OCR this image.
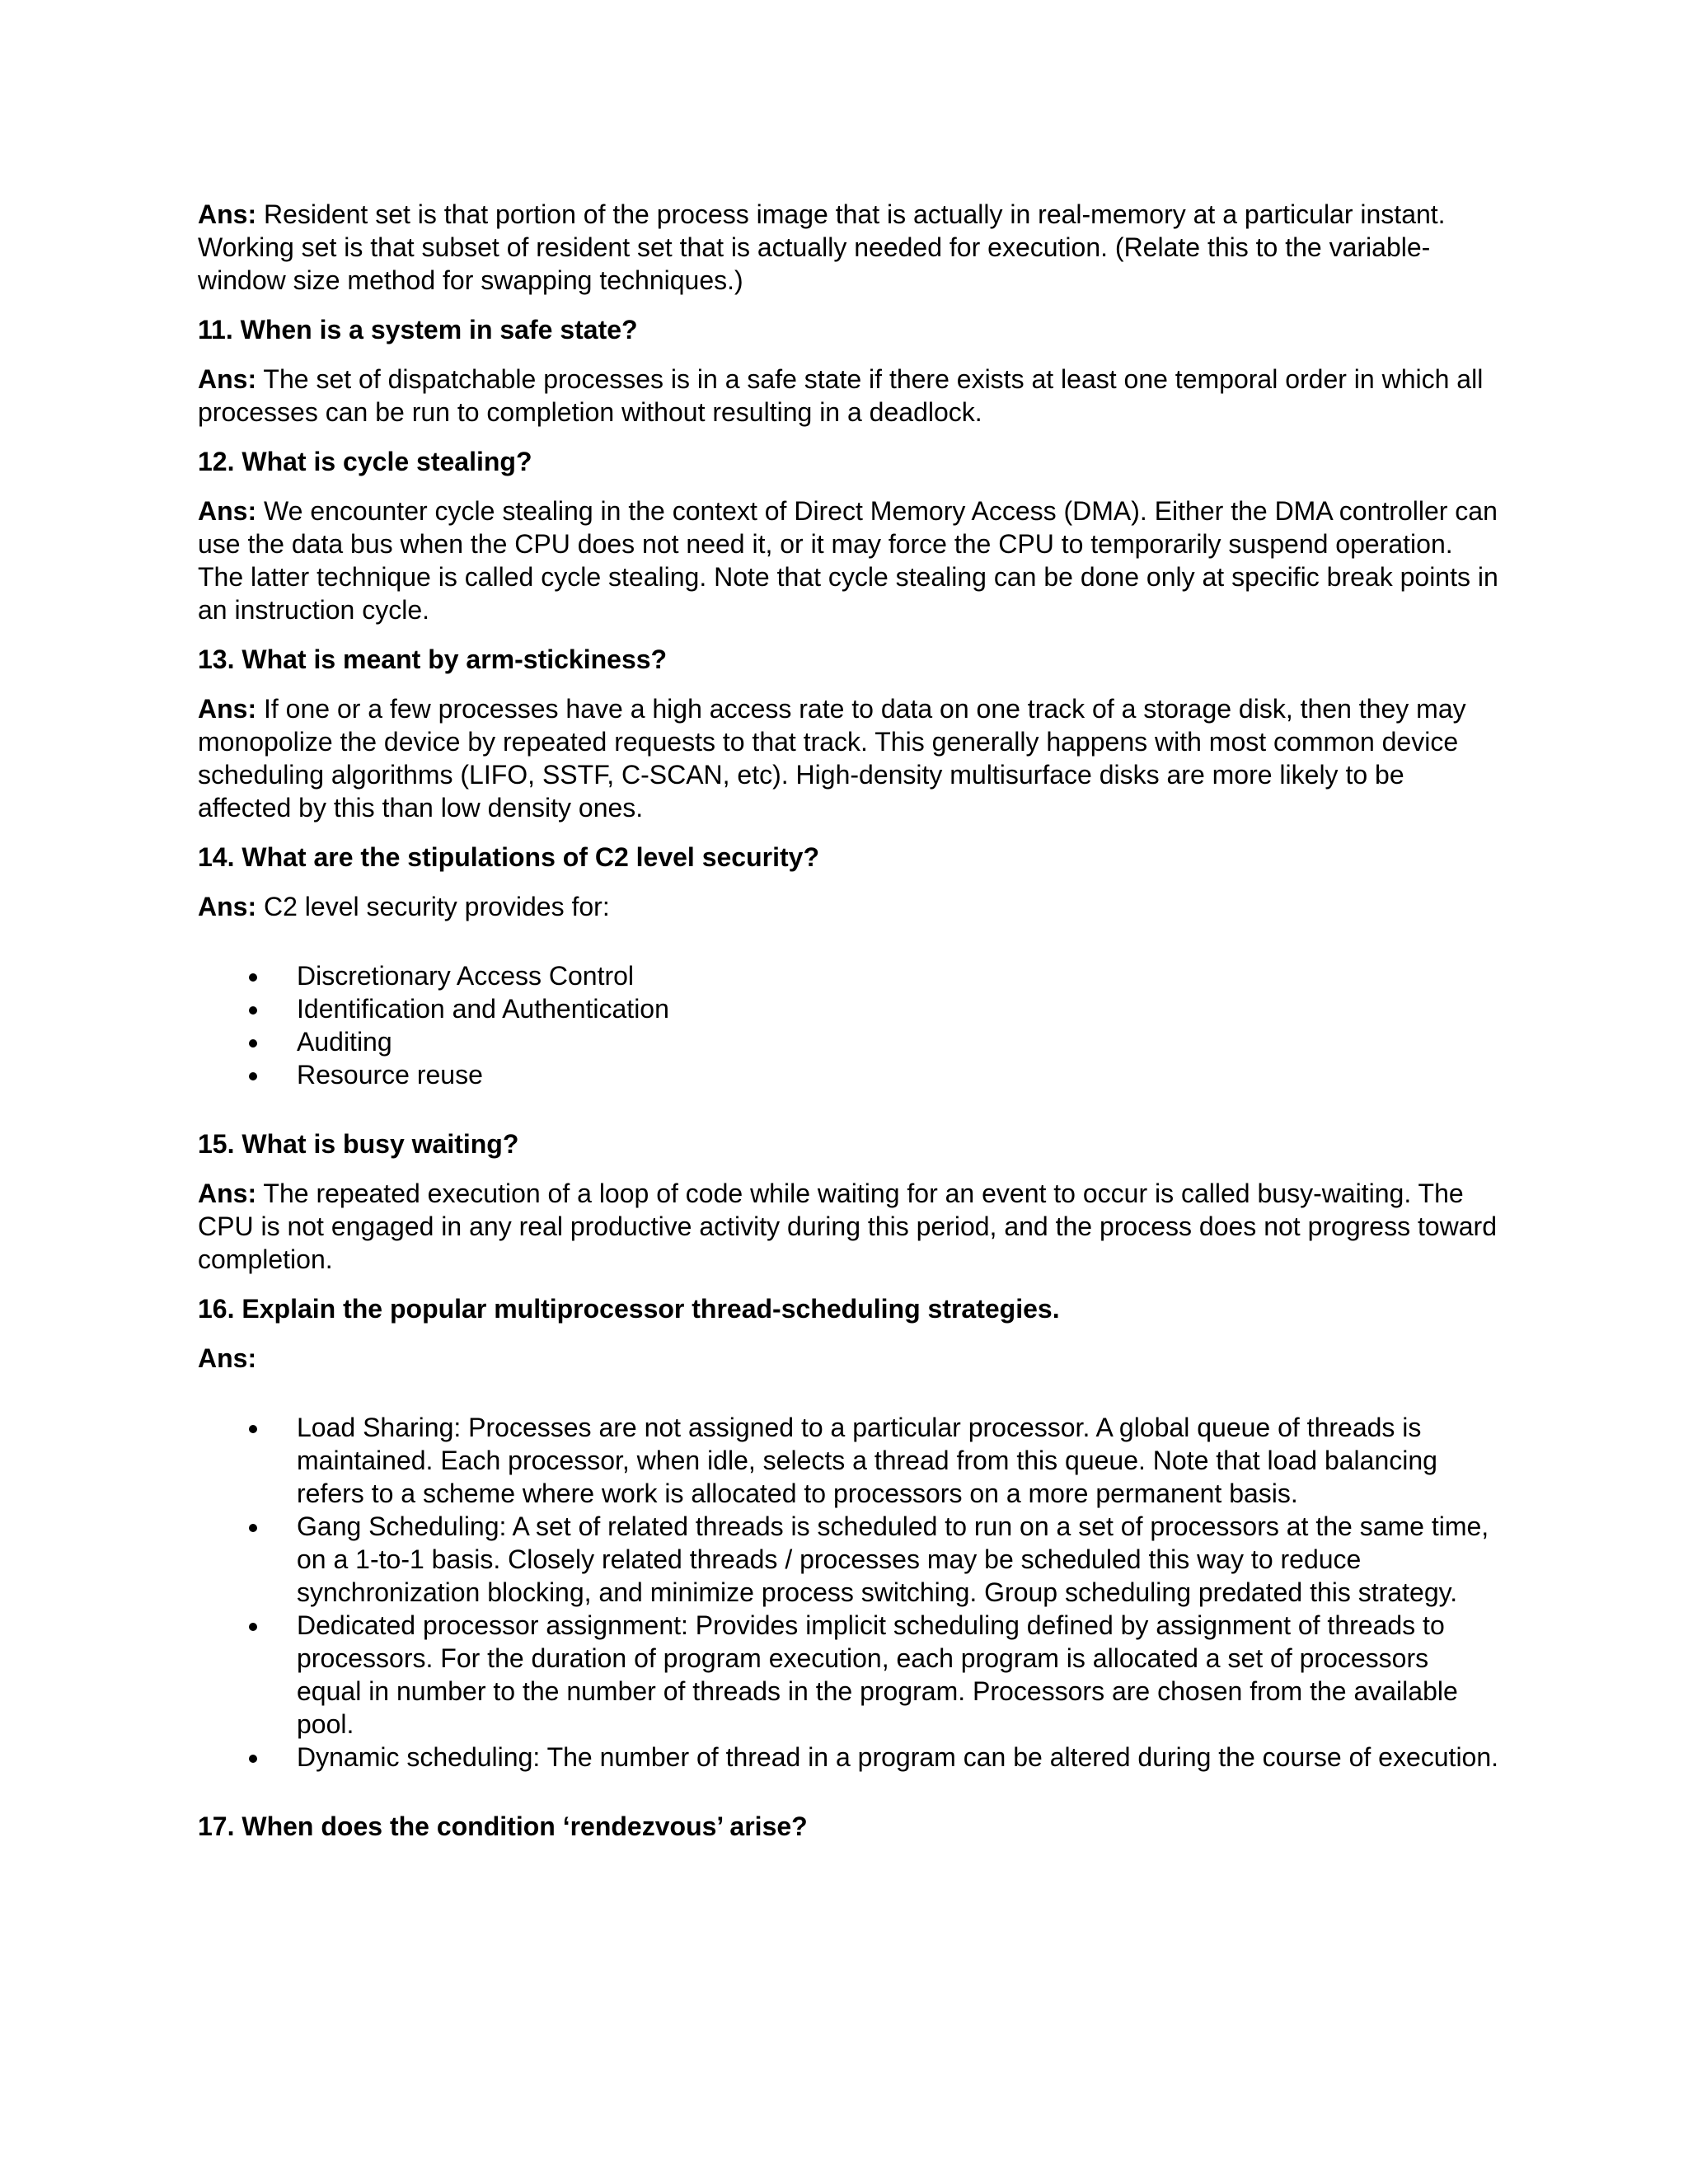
Ans: Resident set is that portion of the process image that is actually in real-memory at a particular instant. Working set is that subset of resident set that is actually needed for execution. (Relate this to the variable-window size method for swapping techniques.)

11. When is a system in safe state?

Ans: The set of dispatchable processes is in a safe state if there exists at least one temporal order in which all processes can be run to completion without resulting in a deadlock.

12. What is cycle stealing?

Ans: We encounter cycle stealing in the context of Direct Memory Access (DMA). Either the DMA controller can use the data bus when the CPU does not need it, or it may force the CPU to temporarily suspend operation. The latter technique is called cycle stealing. Note that cycle stealing can be done only at specific break points in an instruction cycle.

13. What is meant by arm-stickiness?

Ans: If one or a few processes have a high access rate to data on one track of a storage disk, then they may monopolize the device by repeated requests to that track. This generally happens with most common device scheduling algorithms (LIFO, SSTF, C-SCAN, etc). High-density multisurface disks are more likely to be affected by this than low density ones.

14. What are the stipulations of C2 level security?

Ans: C2 level security provides for:

Discretionary Access Control
Identification and Authentication
Auditing
Resource reuse

15. What is busy waiting?

Ans: The repeated execution of a loop of code while waiting for an event to occur is called busy-waiting. The CPU is not engaged in any real productive activity during this period, and the process does not progress toward completion.

16. Explain the popular multiprocessor thread-scheduling strategies.

Ans:

Load Sharing: Processes are not assigned to a particular processor. A global queue of threads is maintained. Each processor, when idle, selects a thread from this queue. Note that load balancing refers to a scheme where work is allocated to processors on a more permanent basis.
Gang Scheduling: A set of related threads is scheduled to run on a set of processors at the same time, on a 1-to-1 basis. Closely related threads / processes may be scheduled this way to reduce synchronization blocking, and minimize process switching. Group scheduling predated this strategy.
Dedicated processor assignment: Provides implicit scheduling defined by assignment of threads to processors. For the duration of program execution, each program is allocated a set of processors equal in number to the number of threads in the program. Processors are chosen from the available pool.
Dynamic scheduling: The number of thread in a program can be altered during the course of execution.

17. When does the condition ‘rendezvous’ arise?
